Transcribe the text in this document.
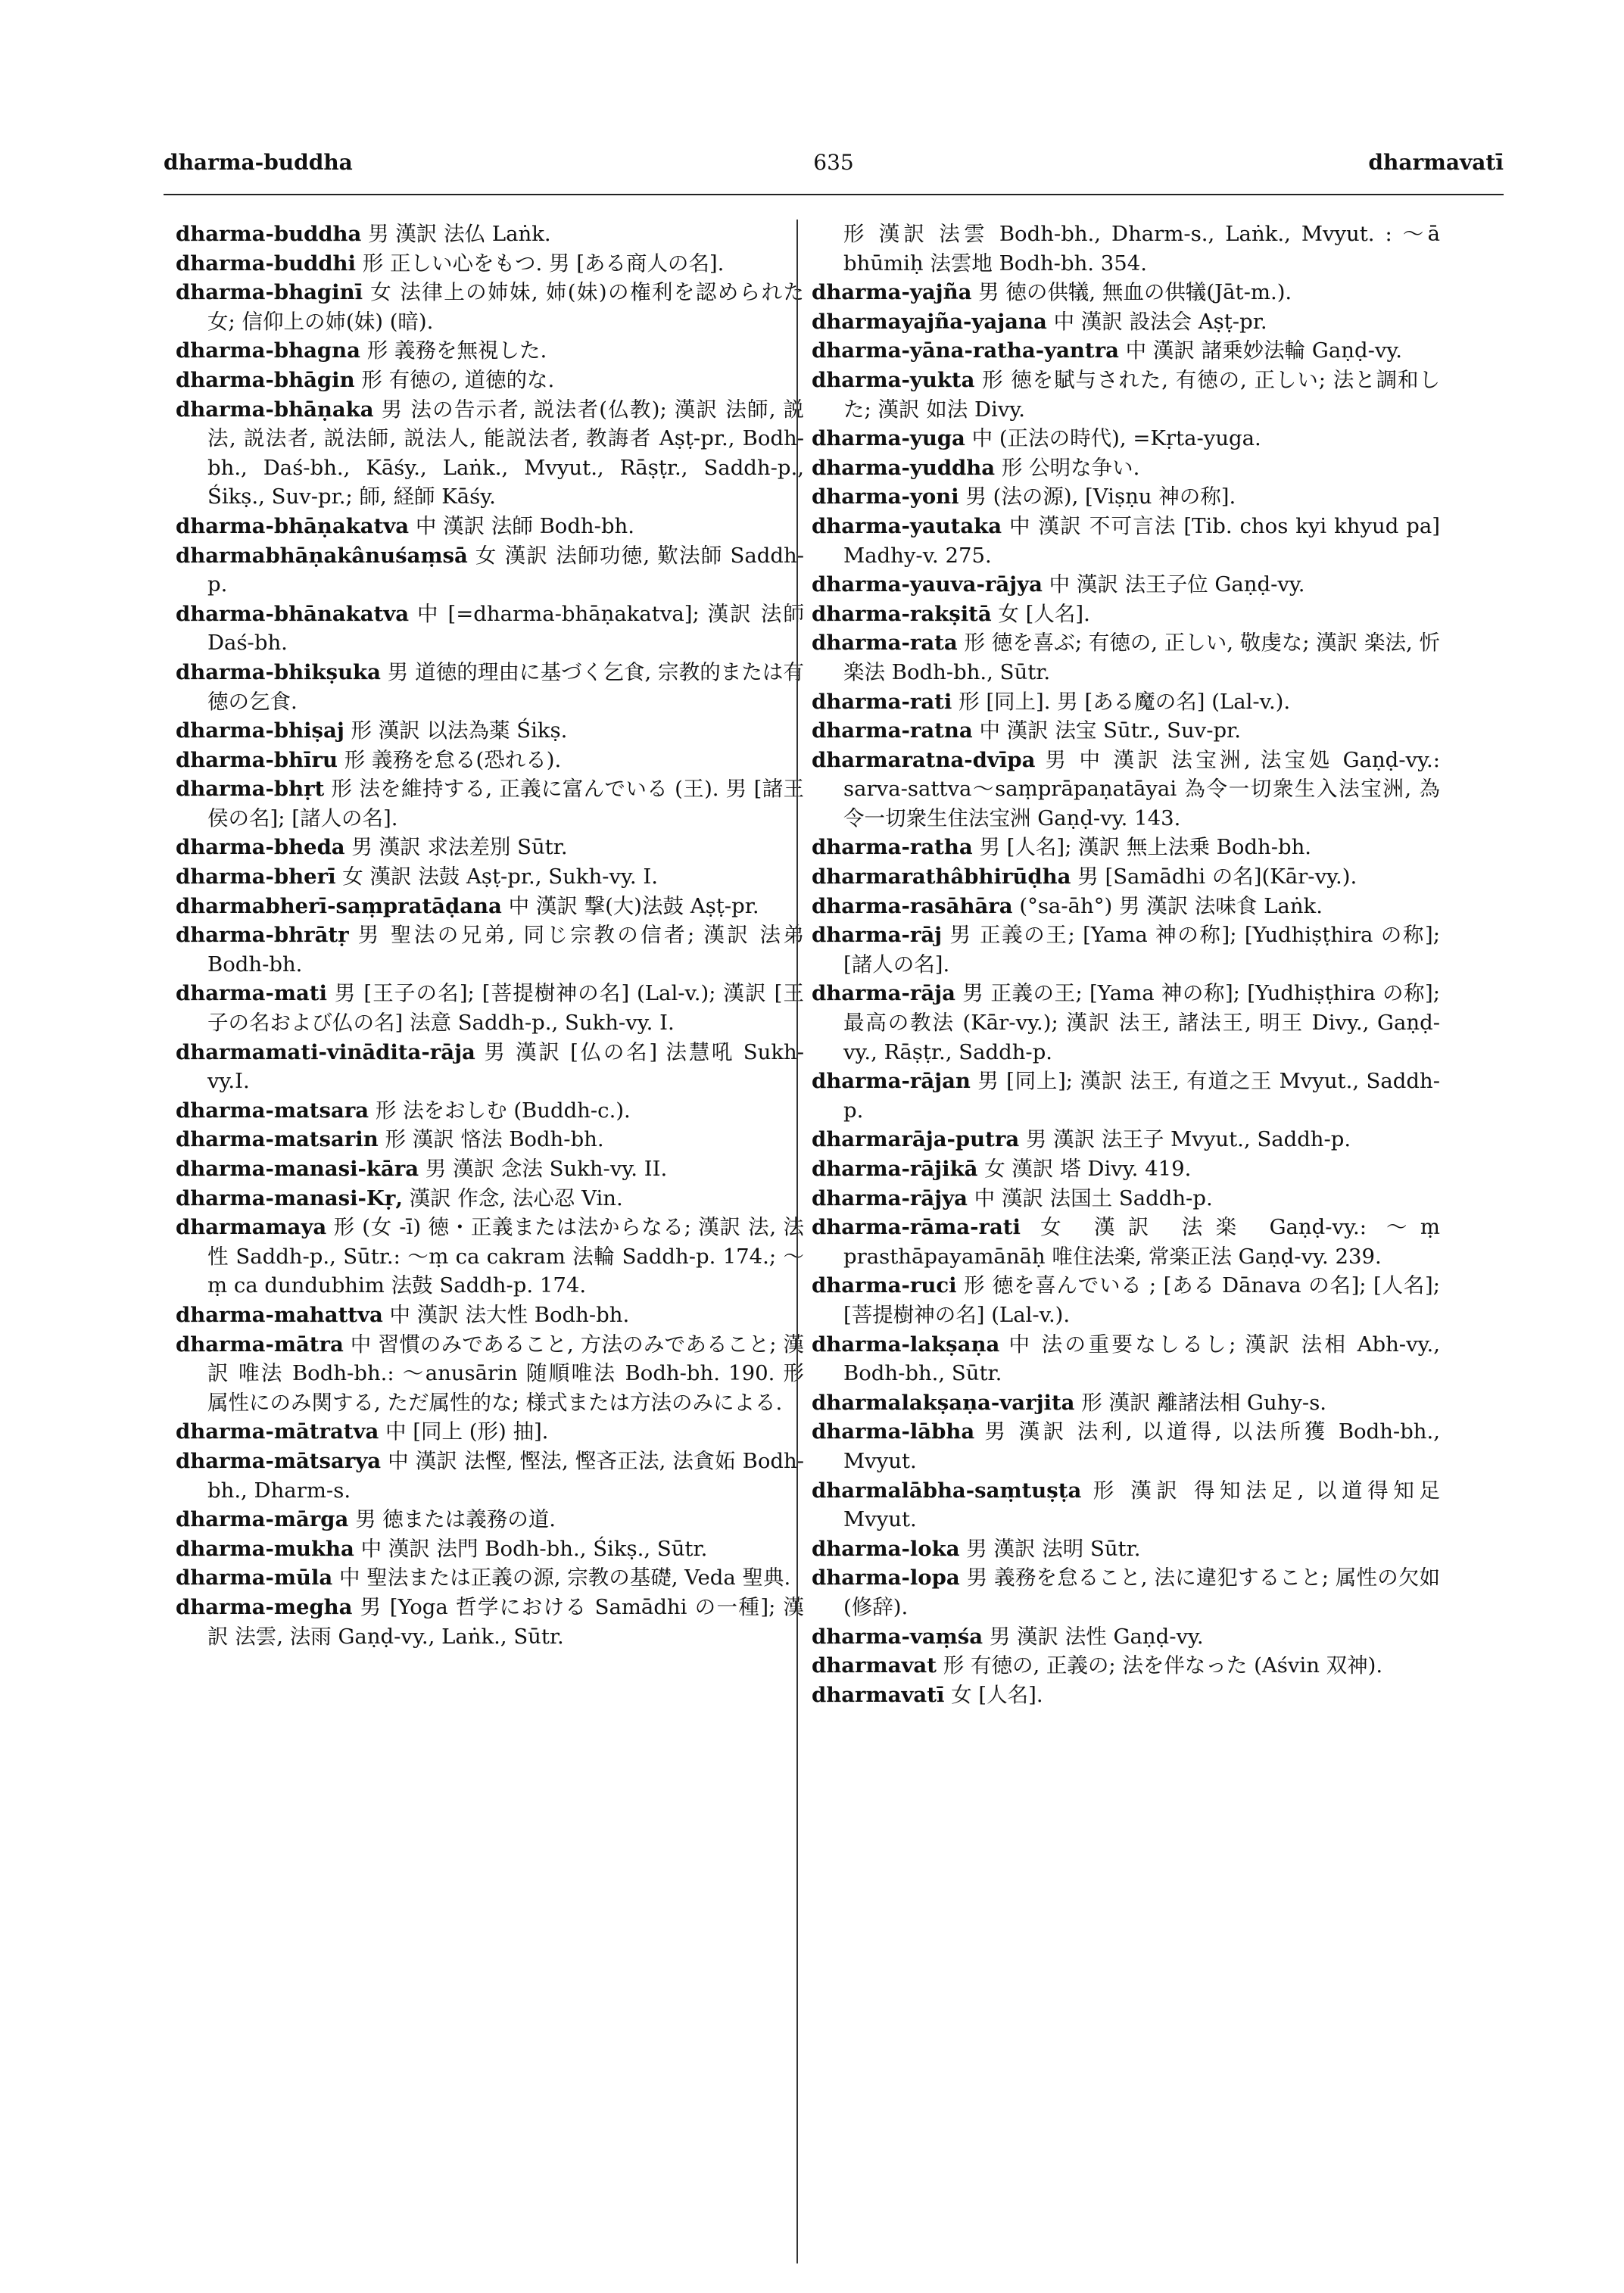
dharma-buddha	635	dharmavatī

dharma-buddha 男 漢訳 法仏 Laṅk.

dharma-buddhi 形 正しい心をもつ. 男 [ある商人の名].

dharma-bhaginī 女 法律上の姉妹, 姉(妹)の権利を認められた女; 信仰上の姉(妹) (暗).

dharma-bhagna 形 義務を無視した.

dharma-bhāgin 形 有徳の, 道徳的な.

dharma-bhāṇaka 男 法の告示者, 説法者(仏教); 漢訳 法師, 説法, 説法者, 説法師, 説法人, 能説法者, 教誨者 Aṣṭ-pr., Bodh-bh., Daś-bh., Kāśy., Laṅk., Mvyut., Rāṣṭr., Saddh-p., Śikṣ., Suv-pr.; 師, 経師 Kāśy.

dharma-bhāṇakatva 中 漢訳 法師 Bodh-bh.

dharmabhāṇakânuśaṃsā 女 漢訳 法師功徳, 歎法師 Saddh-p.

dharma-bhānakatva 中 [=dharma-bhāṇakatva]; 漢訳 法師 Daś-bh.

dharma-bhikṣuka 男 道徳的理由に基づく乞食, 宗教的または有徳の乞食.

dharma-bhiṣaj 形 漢訳 以法為薬 Śikṣ.

dharma-bhīru 形 義務を怠る(恐れる).

dharma-bhṛt 形 法を維持する, 正義に富んでいる (王). 男 [諸王侯の名]; [諸人の名].

dharma-bheda 男 漢訳 求法差別 Sūtr.

dharma-bherī 女 漢訳 法鼓 Aṣṭ-pr., Sukh-vy. I.

dharmabherī-saṃpratāḍana 中 漢訳 撃(大)法鼓 Aṣṭ-pr.

dharma-bhrātṛ 男 聖法の兄弟, 同じ宗教の信者; 漢訳 法弟 Bodh-bh.

dharma-mati 男 [王子の名]; [菩提樹神の名] (Lal-v.); 漢訳 [王子の名および仏の名] 法意 Saddh-p., Sukh-vy. I.

dharmamati-vinādita-rāja 男 漢訳 [仏の名] 法慧吼 Sukh-vy.I.

dharma-matsara 形 法をおしむ (Buddh-c.).

dharma-matsarin 形 漢訳 悋法 Bodh-bh.

dharma-manasi-kāra 男 漢訳 念法 Sukh-vy. II.

dharma-manasi-Kṛ, 漢訳 作念, 法心忍 Vin.

dharmamaya 形 (女 -ī) 徳・正義または法からなる; 漢訳 法, 法性 Saddh-p., Sūtr.: ～ṃ ca cakram 法輪 Saddh-p. 174.; ～ṃ ca dundubhim 法鼓 Saddh-p. 174.

dharma-mahattva 中 漢訳 法大性 Bodh-bh.

dharma-mātra 中 習慣のみであること, 方法のみであること; 漢訳 唯法 Bodh-bh.: ～anusārin 随順唯法 Bodh-bh. 190. 形 属性にのみ関する, ただ属性的な; 様式または方法のみによる.

dharma-mātratva 中 [同上 (形) 抽].

dharma-mātsarya 中 漢訳 法慳, 慳法, 慳吝正法, 法貪妬 Bodh-bh., Dharm-s.

dharma-mārga 男 徳または義務の道.

dharma-mukha 中 漢訳 法門 Bodh-bh., Śikṣ., Sūtr.

dharma-mūla 中 聖法または正義の源, 宗教の基礎, Veda 聖典.

dharma-megha 男 [Yoga 哲学における Samādhi の一種]; 漢訳 法雲, 法雨 Gaṇḍ-vy., Laṅk., Sūtr.

形 漢訳 法雲 Bodh-bh., Dharm-s., Laṅk., Mvyut. : ～ā bhūmiḥ 法雲地 Bodh-bh. 354.

dharma-yajña 男 徳の供犠, 無血の供犠(Jāt-m.).

dharmayajña-yajana 中 漢訳 設法会 Aṣṭ-pr.

dharma-yāna-ratha-yantra 中 漢訳 諸乗妙法輪 Gaṇḍ-vy.

dharma-yukta 形 徳を賦与された, 有徳の, 正しい; 法と調和した; 漢訳 如法 Divy.

dharma-yuga 中 (正法の時代), =Kṛta-yuga.

dharma-yuddha 形 公明な争い.

dharma-yoni 男 (法の源), [Viṣṇu 神の称].

dharma-yautaka 中 漢訳 不可言法 [Tib. chos kyi khyud pa] Madhy-v. 275.

dharma-yauva-rājya 中 漢訳 法王子位 Gaṇḍ-vy.

dharma-rakṣitā 女 [人名].

dharma-rata 形 徳を喜ぶ; 有徳の, 正しい, 敬虔な; 漢訳 楽法, 忻楽法 Bodh-bh., Sūtr.

dharma-rati 形 [同上]. 男 [ある魔の名] (Lal-v.).

dharma-ratna 中 漢訳 法宝 Sūtr., Suv-pr.

dharmaratna-dvīpa 男 中 漢訳 法宝洲, 法宝処 Gaṇḍ-vy.: sarva-sattva～saṃprāpaṇatāyai 為令一切衆生入法宝洲, 為令一切衆生住法宝洲 Gaṇḍ-vy. 143.

dharma-ratha 男 [人名]; 漢訳 無上法乗 Bodh-bh.

dharmarathâbhirūḍha 男 [Samādhi の名](Kār-vy.).

dharma-rasāhāra (°sa-āh°) 男 漢訳 法味食 Laṅk.

dharma-rāj 男 正義の王; [Yama 神の称]; [Yudhiṣṭhira の称]; [諸人の名].

dharma-rāja 男 正義の王; [Yama 神の称]; [Yudhiṣṭhira の称]; 最高の教法 (Kār-vy.); 漢訳 法王, 諸法王, 明王 Divy., Gaṇḍ-vy., Rāṣṭr., Saddh-p.

dharma-rājan 男 [同上]; 漢訳 法王, 有道之王 Mvyut., Saddh-p.

dharmarāja-putra 男 漢訳 法王子 Mvyut., Saddh-p.

dharma-rājikā 女 漢訳 塔 Divy. 419.

dharma-rājya 中 漢訳 法国土 Saddh-p.

dharma-rāma-rati 女 漢訳 法楽 Gaṇḍ-vy.: ～ṃ prasthāpayamānāḥ 唯住法楽, 常楽正法 Gaṇḍ-vy. 239.

dharma-ruci 形 徳を喜んでいる ; [ある Dānava の名]; [人名]; [菩提樹神の名] (Lal-v.).

dharma-lakṣaṇa 中 法の重要なしるし; 漢訳 法相 Abh-vy., Bodh-bh., Sūtr.

dharmalakṣaṇa-varjita 形 漢訳 離諸法相 Guhy-s.

dharma-lābha 男 漢訳 法利, 以道得, 以法所獲 Bodh-bh., Mvyut.

dharmalābha-saṃtuṣṭa 形 漢訳 得知法足, 以道得知足 Mvyut.

dharma-loka 男 漢訳 法明 Sūtr.

dharma-lopa 男 義務を怠ること, 法に違犯すること; 属性の欠如 (修辞).

dharma-vaṃśa 男 漢訳 法性 Gaṇḍ-vy.

dharmavat 形 有徳の, 正義の; 法を伴なった (Aśvin 双神).

dharmavatī 女 [人名].
